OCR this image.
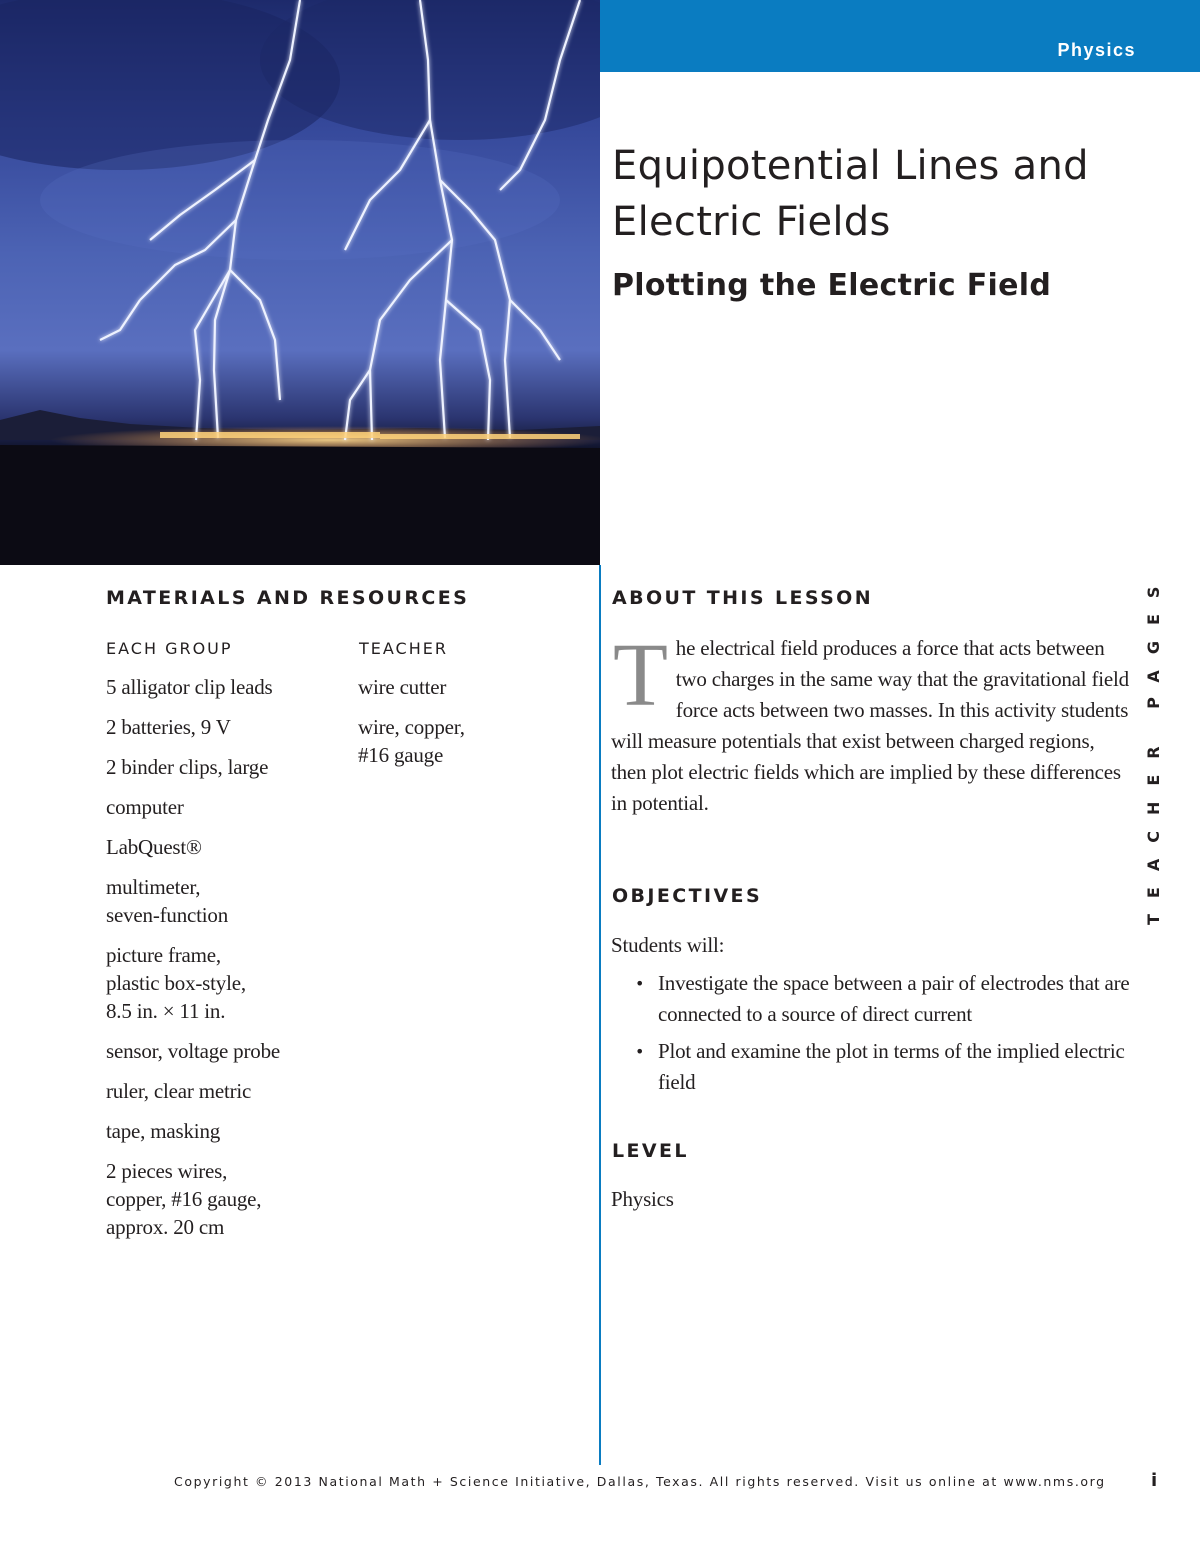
Physics
Equipotential Lines and Electric Fields
Plotting the Electric Field
MATERIALS AND RESOURCES
EACH GROUP
5 alligator clip leads
2 batteries, 9 V
2 binder clips, large
computer
LabQuest®
multimeter,
seven-function
picture frame,
plastic box-style,
8.5 in. × 11 in.
sensor, voltage probe
ruler, clear metric
tape, masking
2 pieces wires,
copper, #16 gauge,
approx. 20 cm
TEACHER
wire cutter
wire, copper,
#16 gauge
ABOUT THIS LESSON

The electrical field produces a force that acts between two charges in the same way that the gravitational field force acts between two masses. In this activity students will measure potentials that exist between charged regions, then plot electric fields which are implied by these differences in potential.

OBJECTIVES

Students will:

• Investigate the space between a pair of electrodes that are connected to a source of direct current
• Plot and examine the plot in terms of the implied electric field
LEVEL

Physics

TEACHER PAGES
Copyright © 2013 National Math + Science Initiative, Dallas, Texas. All rights reserved. Visit us online at www.nms.org	i
